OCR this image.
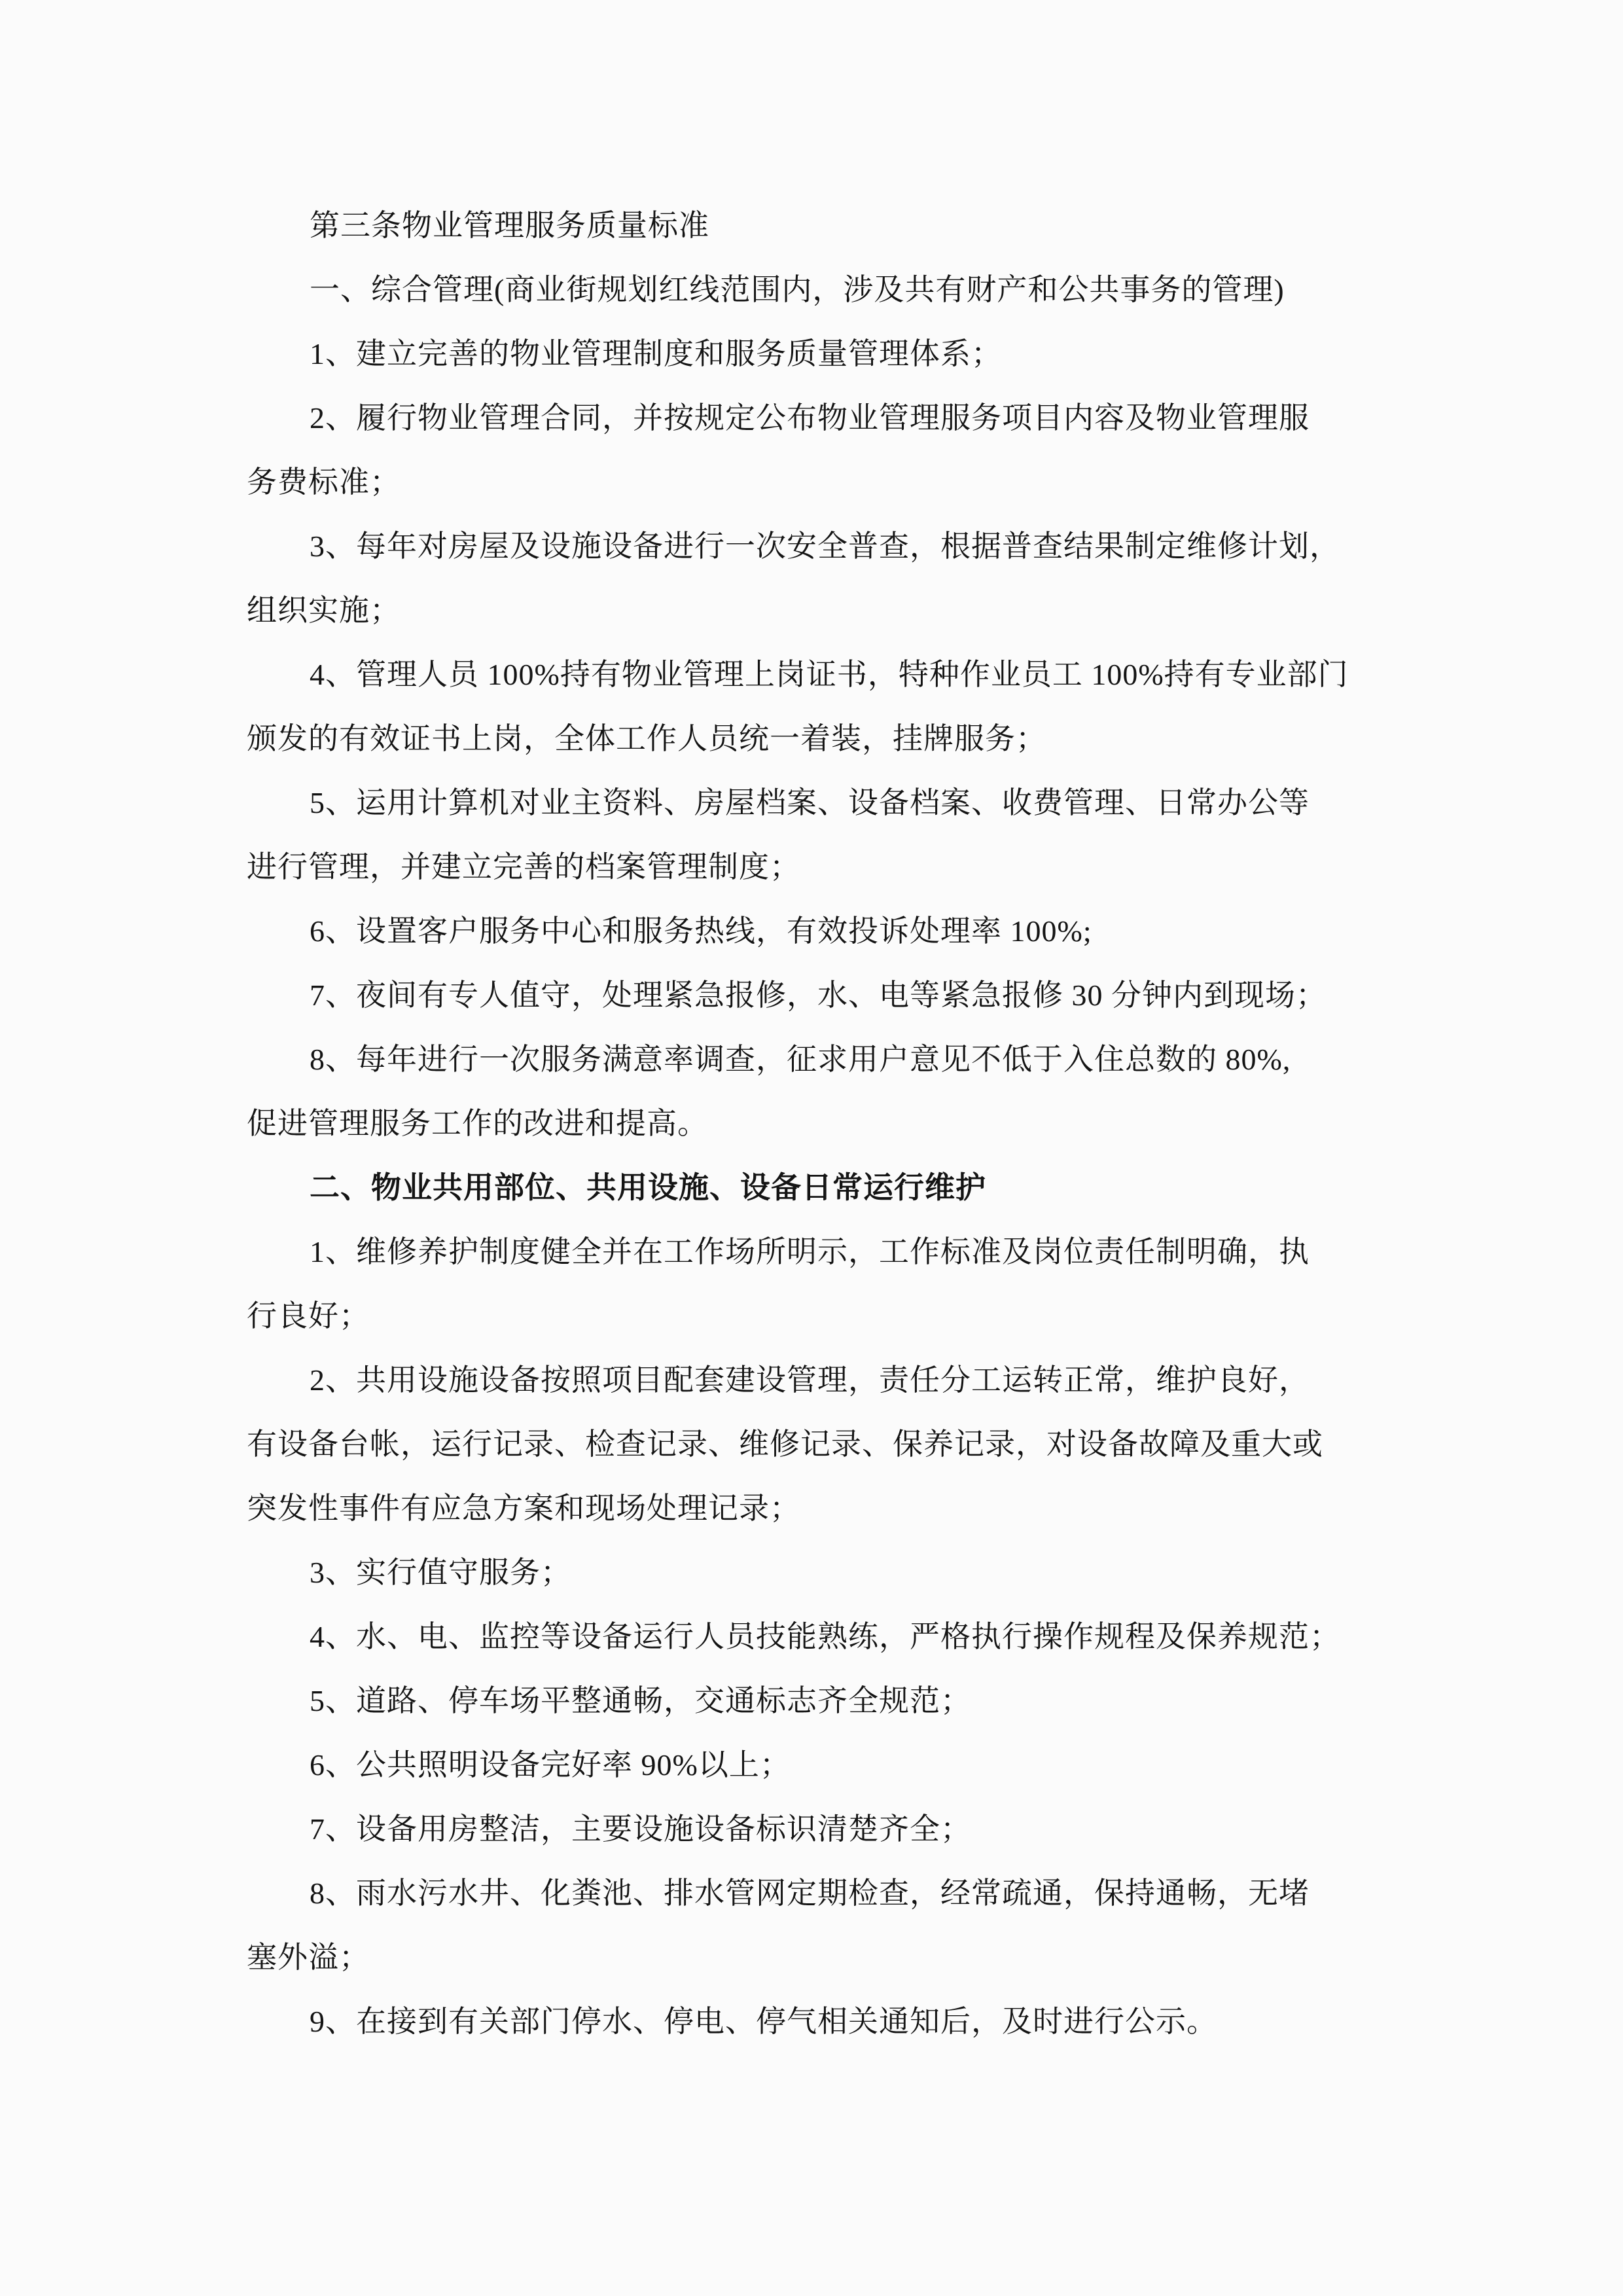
第三条物业管理服务质量标准
一、综合管理(商业街规划红线范围内，涉及共有财产和公共事务的管理)
1、建立完善的物业管理制度和服务质量管理体系；
2、履行物业管理合同，并按规定公布物业管理服务项目内容及物业管理服
务费标准；
3、每年对房屋及设施设备进行一次安全普查，根据普查结果制定维修计划，
组织实施；
4、管理人员 100%持有物业管理上岗证书，特种作业员工 100%持有专业部门
颁发的有效证书上岗，全体工作人员统一着装，挂牌服务；
5、运用计算机对业主资料、房屋档案、设备档案、收费管理、日常办公等
进行管理，并建立完善的档案管理制度；
6、设置客户服务中心和服务热线，有效投诉处理率 100%;
7、夜间有专人值守，处理紧急报修，水、电等紧急报修 30 分钟内到现场；
8、每年进行一次服务满意率调查，征求用户意见不低于入住总数的 80%,
促进管理服务工作的改进和提高。
二、物业共用部位、共用设施、设备日常运行维护
1、维修养护制度健全并在工作场所明示，工作标准及岗位责任制明确，执
行良好；
2、共用设施设备按照项目配套建设管理，责任分工运转正常，维护良好，
有设备台帐，运行记录、检查记录、维修记录、保养记录，对设备故障及重大或
突发性事件有应急方案和现场处理记录；
3、实行值守服务；
4、水、电、监控等设备运行人员技能熟练，严格执行操作规程及保养规范；
5、道路、停车场平整通畅，交通标志齐全规范；
6、公共照明设备完好率 90%以上；
7、设备用房整洁，主要设施设备标识清楚齐全；
8、雨水污水井、化粪池、排水管网定期检查，经常疏通，保持通畅，无堵
塞外溢；
9、在接到有关部门停水、停电、停气相关通知后，及时进行公示。
